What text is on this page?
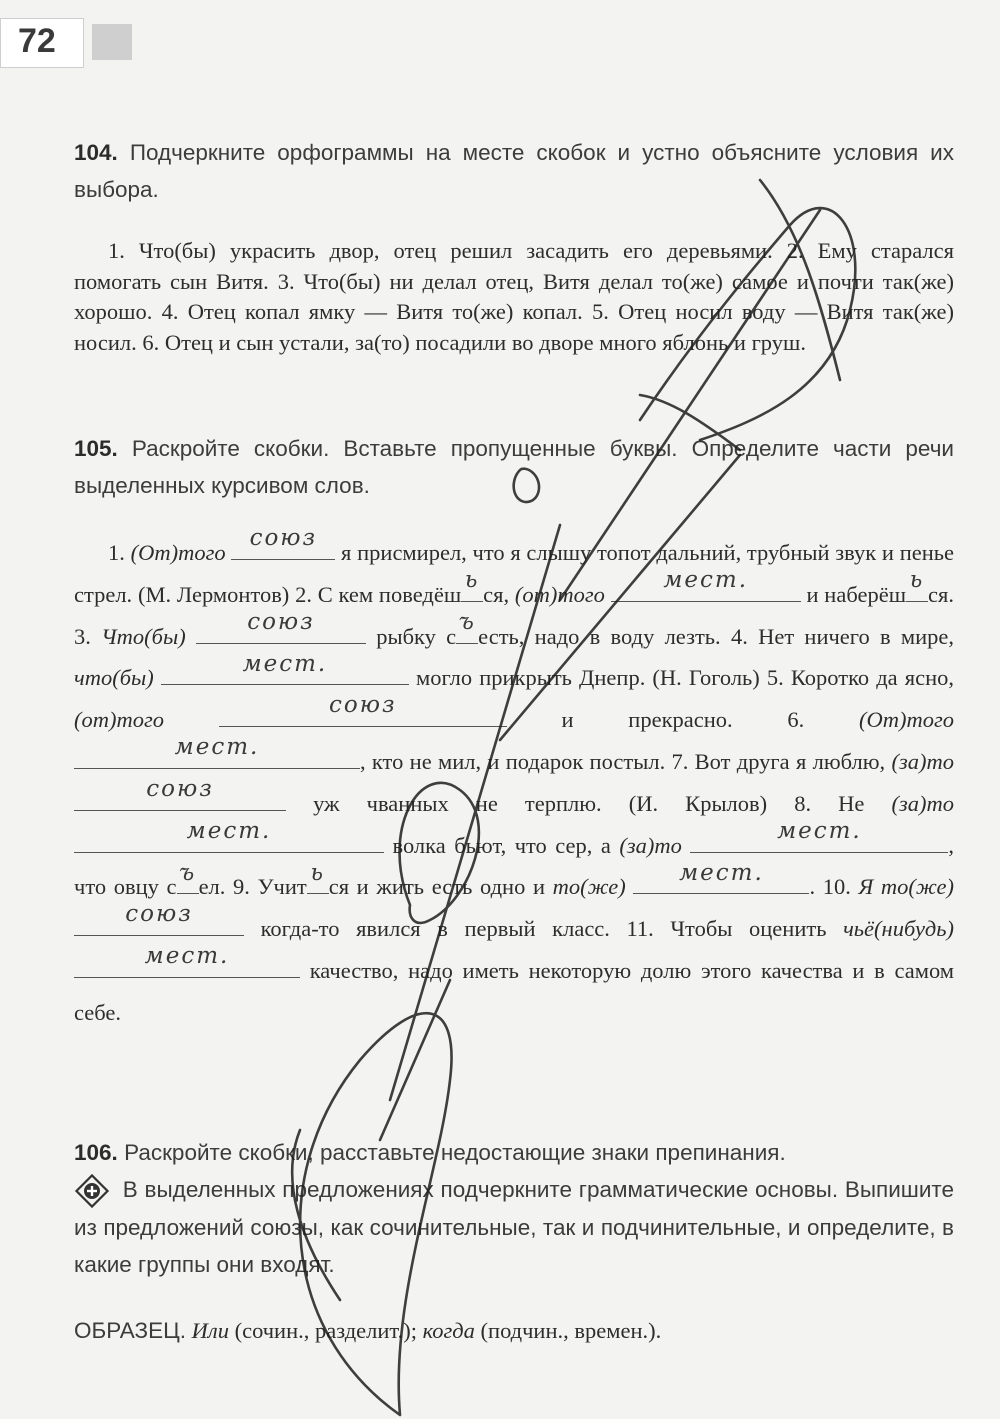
72
104. Подчеркните орфограммы на месте скобок и устно объясните условия их выбора.

1. Что(бы) украсить двор, отец решил засадить его деревьями. 2. Ему старался помогать сын Витя. 3. Что(бы) ни делал отец, Витя делал то(же) самое и почти так(же) хорошо. 4. Отец копал ямку — Витя то(же) копал. 5. Отец носил воду — Витя так(же) носил. 6. Отец и сын устали, за(то) посадили во дворе много яблонь и груш.

105. Раскройте скобки. Вставьте пропущенные буквы. Определите части речи выделенных курсивом слов.

1. (От)того
союз
я присмирел, что я слышу топот дальний, трубный звук и пенье стрел. (М. Лермонтов) 2. С кем поведёш
ь
ся, (от)того
мест.
и наберёш
ь
ся. 3. Что(бы)
союз
рыбку с
ъ
есть, надо в воду лезть. 4. Нет ничего в мире, что(бы)
мест.
могло прикрыть Днепр. (Н. Гоголь) 5. Коротко да ясно, (от)того
союз
и прекрасно. 6. (От)того
мест.
, кто не мил, и подарок постыл. 7. Вот друга я люблю, (за)то
союз
уж чванных не терплю. (И. Крылов) 8. Не (за)то
мест.
волка бьют, что сер, а (за)то
мест.
, что овцу с
ъ
ел. 9. Учит
ь
ся и жить есть одно и то(же)
мест.
. 10. Я то(же)
союз
когда-то явился в первый класс. 11. Чтобы оценить чьё(нибудь)
мест.
качество, надо иметь некоторую долю этого качества и в самом себе.

106. Раскройте скобки, расставьте недостающие знаки препинания.
В выделенных предложениях подчеркните грамматические основы. Выпишите из предложений союзы, как сочинительные, так и подчинительные, и определите, в какие группы они входят.
ОБРАЗЕЦ. Или (сочин., разделит.); когда (подчин., времен.).
